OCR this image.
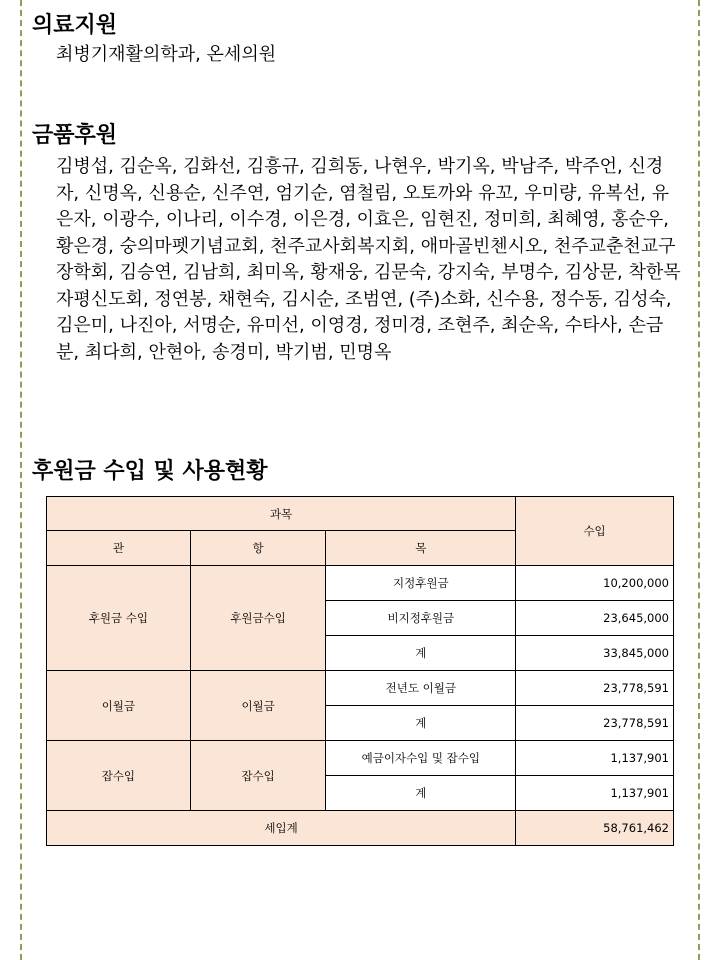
의료지원
최병기재활의학과, 온세의원
금품후원
김병섭, 김순옥, 김화선, 김흥규, 김희동, 나현우, 박기옥, 박남주, 박주언, 신경자, 신명옥, 신용순, 신주연, 엄기순, 염철림, 오토까와 유꼬, 우미량, 유복선, 유은자, 이광수, 이나리, 이수경, 이은경, 이효은, 임현진, 정미희, 최혜영, 홍순우, 황은경, 숭의마펫기념교회, 천주교사회복지회, 애마골빈첸시오, 천주교춘천교구장학회, 김승연, 김남희, 최미옥, 황재웅, 김문숙, 강지숙, 부명수, 김상문, 착한목자평신도회, 정연봉, 채현숙, 김시순, 조범연, (주)소화, 신수용, 정수동, 김성숙, 김은미, 나진아, 서명순, 유미선, 이영경, 정미경, 조현주, 최순옥, 수타사, 손금분, 최다희, 안현아, 송경미, 박기범, 민명옥
후원금 수입 및 사용현황
과목			수입
관	항	목	
후원금 수입	후원금수입	지정후원금	10,200,000
		비지정후원금	23,645,000
		계	33,845,000
이월금	이월금	전년도 이월금	23,778,591
		계	23,778,591
잡수입	잡수입	예금이자수입 및 잡수입	1,137,901
		계	1,137,901
세입계			58,761,462
